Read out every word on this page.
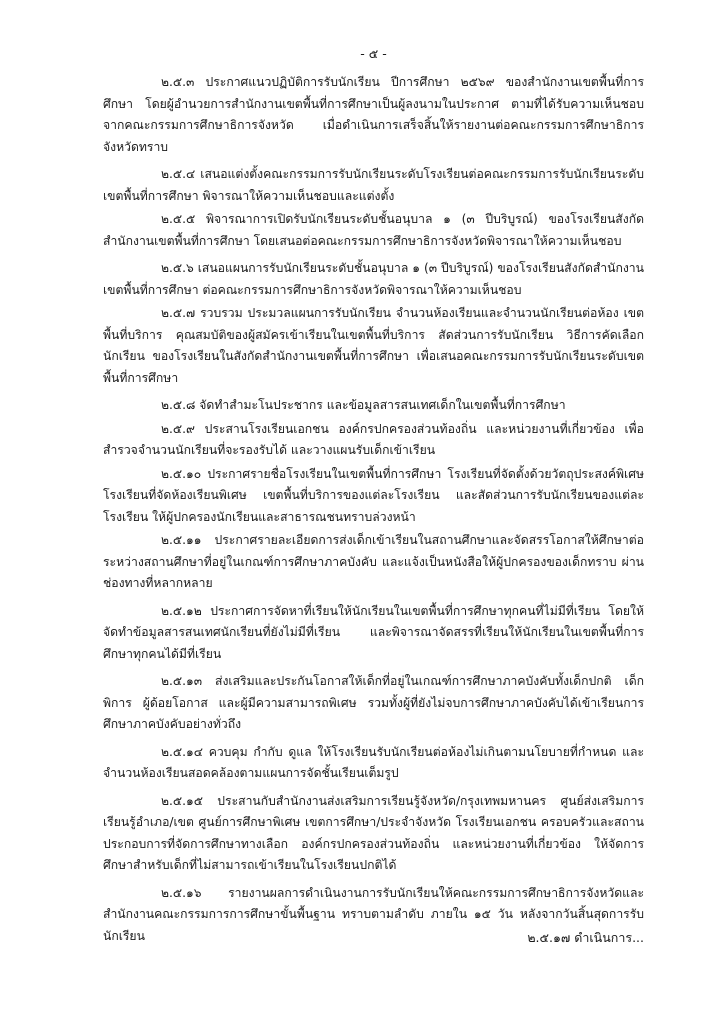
- ๕ -

๒.๕.๓ ประกาศแนวปฏิบัติการรับนักเรียน ปีการศึกษา ๒๕๖๙ ของสำนักงานเขตพื้นที่การศึกษา โดยผู้อำนวยการสำนักงานเขตพื้นที่การศึกษาเป็นผู้ลงนามในประกาศ ตามที่ได้รับความเห็นชอบจากคณะกรรมการศึกษาธิการจังหวัด เมื่อดำเนินการเสร็จสิ้นให้รายงานต่อคณะกรรมการศึกษาธิการจังหวัดทราบ

๒.๕.๔ เสนอแต่งตั้งคณะกรรมการรับนักเรียนระดับโรงเรียนต่อคณะกรรมการรับนักเรียนระดับเขตพื้นที่การศึกษา พิจารณาให้ความเห็นชอบและแต่งตั้ง

๒.๕.๕ พิจารณาการเปิดรับนักเรียนระดับชั้นอนุบาล ๑ (๓ ปีบริบูรณ์) ของโรงเรียนสังกัดสำนักงานเขตพื้นที่การศึกษา โดยเสนอต่อคณะกรรมการศึกษาธิการจังหวัดพิจารณาให้ความเห็นชอบ

๒.๕.๖ เสนอแผนการรับนักเรียนระดับชั้นอนุบาล ๑ (๓ ปีบริบูรณ์) ของโรงเรียนสังกัดสำนักงานเขตพื้นที่การศึกษา ต่อคณะกรรมการศึกษาธิการจังหวัดพิจารณาให้ความเห็นชอบ

๒.๕.๗ รวบรวม ประมวลแผนการรับนักเรียน จำนวนห้องเรียนและจำนวนนักเรียนต่อห้อง เขตพื้นที่บริการ คุณสมบัติของผู้สมัครเข้าเรียนในเขตพื้นที่บริการ สัดส่วนการรับนักเรียน วิธีการคัดเลือกนักเรียน ของโรงเรียนในสังกัดสำนักงานเขตพื้นที่การศึกษา เพื่อเสนอคณะกรรมการรับนักเรียนระดับเขตพื้นที่การศึกษา

๒.๕.๘ จัดทำสำมะโนประชากร และข้อมูลสารสนเทศเด็กในเขตพื้นที่การศึกษา

๒.๕.๙ ประสานโรงเรียนเอกชน องค์กรปกครองส่วนท้องถิ่น และหน่วยงานที่เกี่ยวข้อง เพื่อสำรวจจำนวนนักเรียนที่จะรองรับได้ และวางแผนรับเด็กเข้าเรียน

๒.๕.๑๐ ประกาศรายชื่อโรงเรียนในเขตพื้นที่การศึกษา โรงเรียนที่จัดตั้งด้วยวัตถุประสงค์พิเศษ โรงเรียนที่จัดห้องเรียนพิเศษ เขตพื้นที่บริการของแต่ละโรงเรียน และสัดส่วนการรับนักเรียนของแต่ละโรงเรียน ให้ผู้ปกครองนักเรียนและสาธารณชนทราบล่วงหน้า

๒.๕.๑๑ ประกาศรายละเอียดการส่งเด็กเข้าเรียนในสถานศึกษาและจัดสรรโอกาสให้ศึกษาต่อระหว่างสถานศึกษาที่อยู่ในเกณฑ์การศึกษาภาคบังคับ และแจ้งเป็นหนังสือให้ผู้ปกครองของเด็กทราบ ผ่านช่องทางที่หลากหลาย

๒.๕.๑๒ ประกาศการจัดหาที่เรียนให้นักเรียนในเขตพื้นที่การศึกษาทุกคนที่ไม่มีที่เรียน โดยให้จัดทำข้อมูลสารสนเทศนักเรียนที่ยังไม่มีที่เรียน และพิจารณาจัดสรรที่เรียนให้นักเรียนในเขตพื้นที่การศึกษาทุกคนได้มีที่เรียน

๒.๕.๑๓ ส่งเสริมและประกันโอกาสให้เด็กที่อยู่ในเกณฑ์การศึกษาภาคบังคับทั้งเด็กปกติ เด็กพิการ ผู้ด้อยโอกาส และผู้มีความสามารถพิเศษ รวมทั้งผู้ที่ยังไม่จบการศึกษาภาคบังคับได้เข้าเรียนการศึกษาภาคบังคับอย่างทั่วถึง

๒.๕.๑๔ ควบคุม กำกับ ดูแล ให้โรงเรียนรับนักเรียนต่อห้องไม่เกินตามนโยบายที่กำหนด และจำนวนห้องเรียนสอดคล้องตามแผนการจัดชั้นเรียนเต็มรูป

๒.๕.๑๕ ประสานกับสำนักงานส่งเสริมการเรียนรู้จังหวัด/กรุงเทพมหานคร ศูนย์ส่งเสริมการเรียนรู้อำเภอ/เขต ศูนย์การศึกษาพิเศษ เขตการศึกษา/ประจำจังหวัด โรงเรียนเอกชน ครอบครัวและสถานประกอบการที่จัดการศึกษาทางเลือก องค์กรปกครองส่วนท้องถิ่น และหน่วยงานที่เกี่ยวข้อง ให้จัดการศึกษาสำหรับเด็กที่ไม่สามารถเข้าเรียนในโรงเรียนปกติได้

๒.๕.๑๖ รายงานผลการดำเนินงานการรับนักเรียนให้คณะกรรมการศึกษาธิการจังหวัดและสำนักงานคณะกรรมการการศึกษาขั้นพื้นฐาน ทราบตามลำดับ ภายใน ๑๕ วัน หลังจากวันสิ้นสุดการรับนักเรียน	๒.๕.๑๗ ดำเนินการ...
